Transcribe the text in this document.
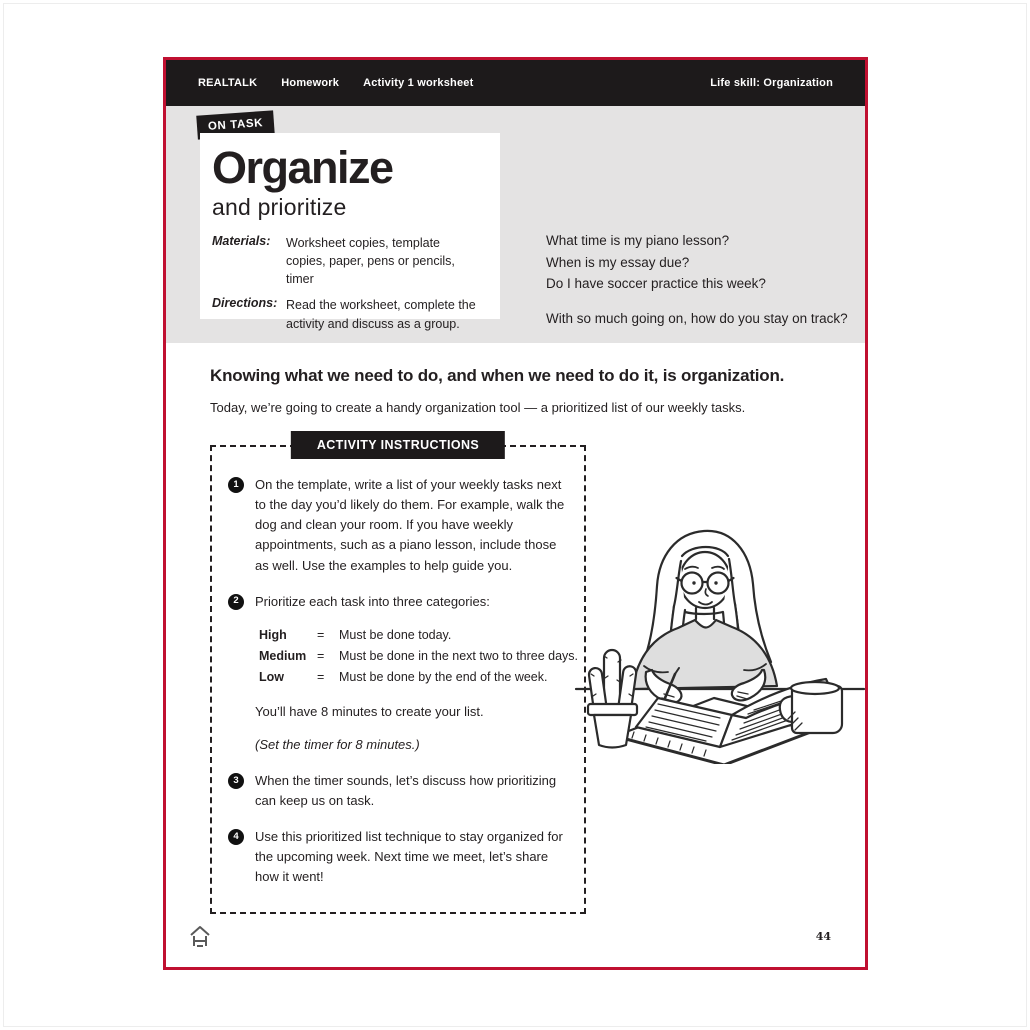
REALTALK Homework Activity 1 worksheet	Life skill: Organization
ON TASK
Organize
and prioritize
Materials:	Worksheet copies, template copies, paper, pens or pencils, timer
Directions: Read the worksheet, complete the activity and discuss as a group.
What time is my piano lesson?
When is my essay due?
Do I have soccer practice this week?
With so much going on, how do you stay on track?
Knowing what we need to do, and when we need to do it, is organization.
Today, we’re going to create a handy organization tool — a prioritized list of our weekly tasks.
ACTIVITY INSTRUCTIONS
1	On the template, write a list of your weekly tasks next to the day you’d likely do them. For example, walk the dog and clean your room. If you have weekly appointments, such as a piano lesson, include those as well. Use the examples to help guide you.
2	Prioritize each task into three categories:
High	=	Must be done today.
Medium =	Must be done in the next two to three days.
Low	=	Must be done by the end of the week.
You’ll have 8 minutes to create your list.
(Set the timer for 8 minutes.)
3	When the timer sounds, let’s discuss how prioritizing can keep us on task.
4	Use this prioritized list technique to stay organized for the upcoming week. Next time we meet, let’s share how it went!
44
